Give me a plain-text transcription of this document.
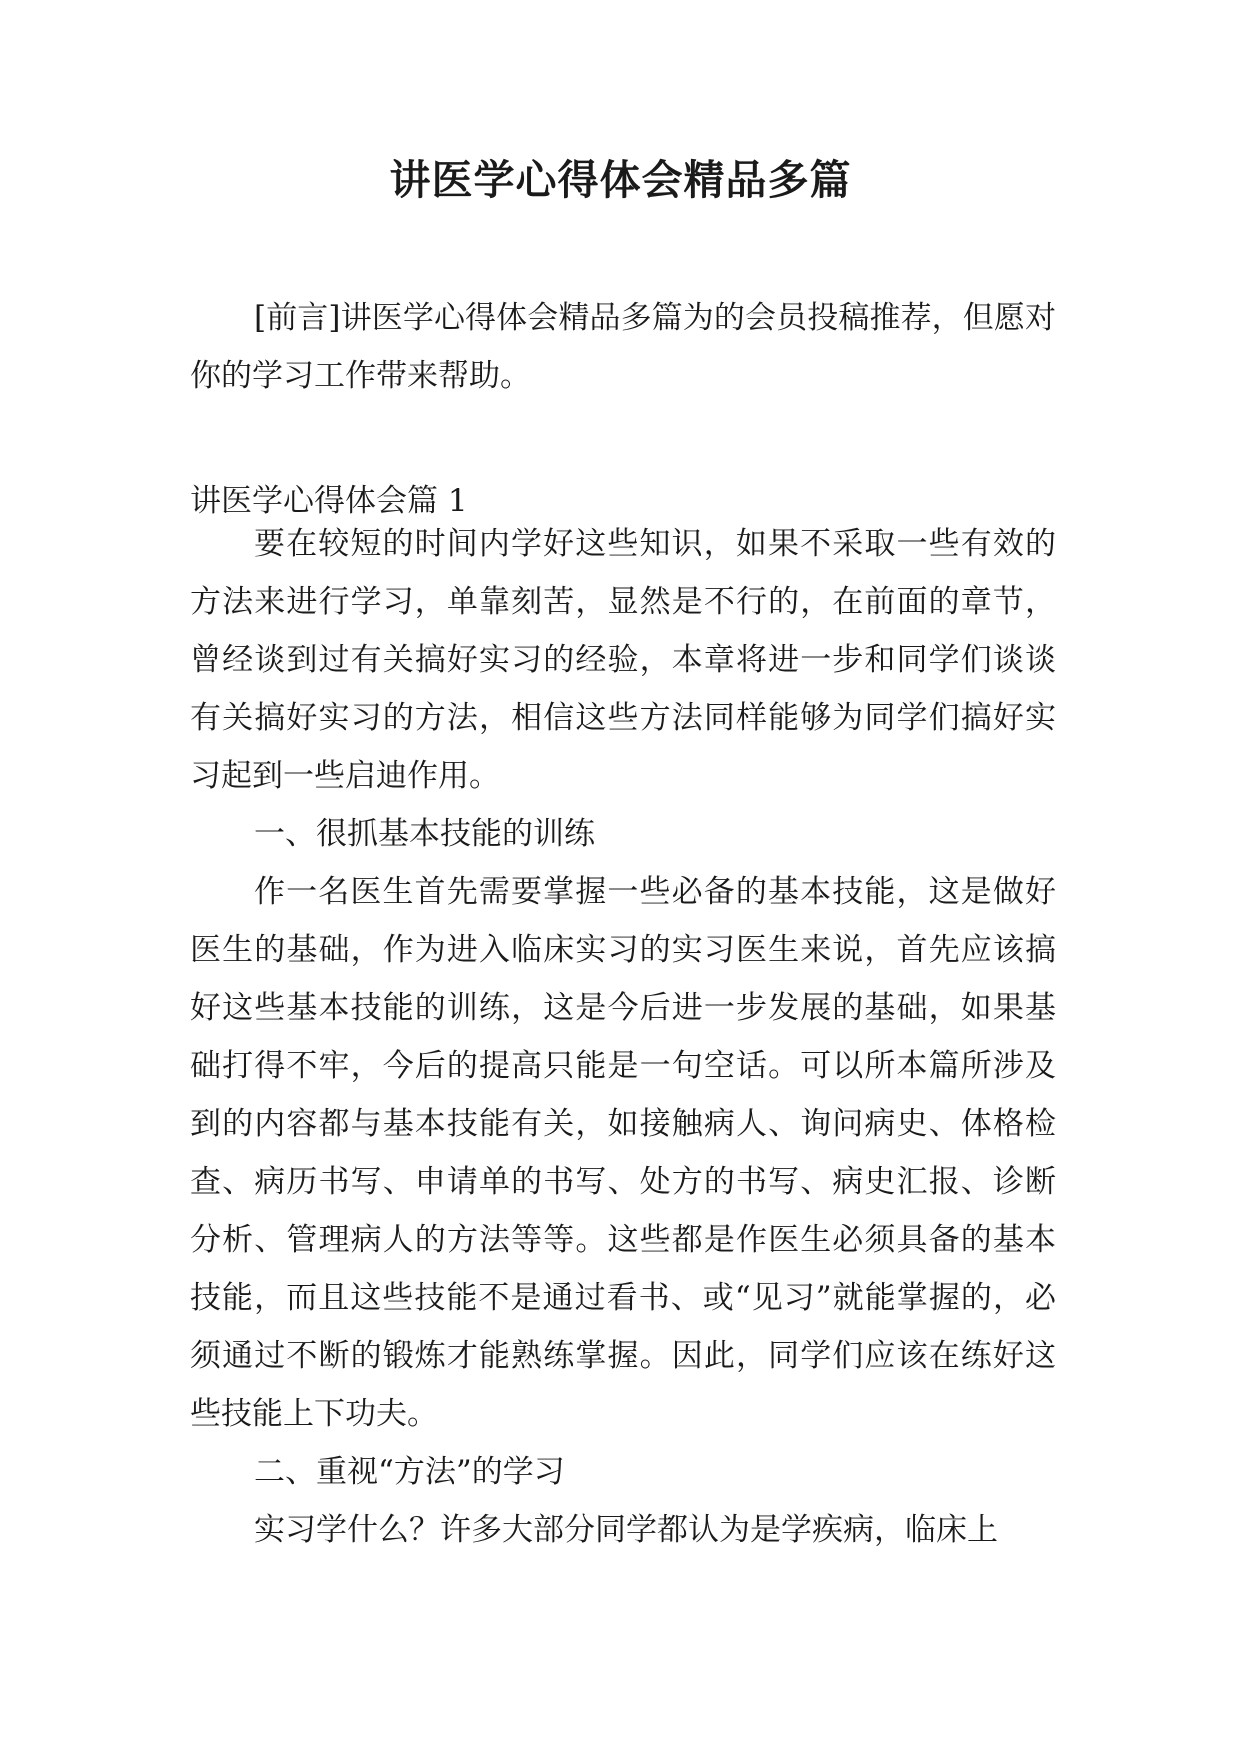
讲医学心得体会精品多篇

[前言]讲医学心得体会精品多篇为的会员投稿推荐，但愿对你的学习工作带来帮助。

讲医学心得体会篇 1

要在较短的时间内学好这些知识，如果不采取一些有效的方法来进行学习，单靠刻苦，显然是不行的，在前面的章节，曾经谈到过有关搞好实习的经验，本章将进一步和同学们谈谈有关搞好实习的方法，相信这些方法同样能够为同学们搞好实习起到一些启迪作用。

一、很抓基本技能的训练

作一名医生首先需要掌握一些必备的基本技能，这是做好医生的基础，作为进入临床实习的实习医生来说，首先应该搞好这些基本技能的训练，这是今后进一步发展的基础，如果基础打得不牢，今后的提高只能是一句空话。可以所本篇所涉及到的内容都与基本技能有关，如接触病人、询问病史、体格检查、病历书写、申请单的书写、处方的书写、病史汇报、诊断分析、管理病人的方法等等。这些都是作医生必须具备的基本技能，而且这些技能不是通过看书、或“见习”就能掌握的，必须通过不断的锻炼才能熟练掌握。因此，同学们应该在练好这些技能上下功夫。

二、重视“方法”的学习

实习学什么？许多大部分同学都认为是学疾病，临床上
